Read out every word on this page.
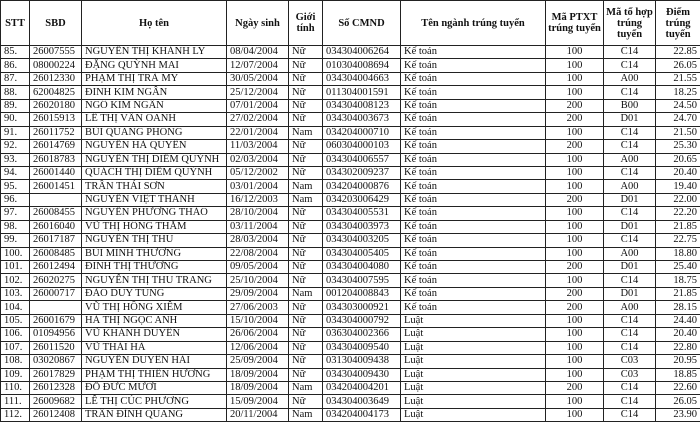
STT	SBD	Họ tên	Ngày sinh	Giới tính	Số CMND	Tên ngành trúng tuyển	Mã PTXT trúng tuyển	Mã tổ hợp trúng tuyển	Điểm trúng tuyển
85.	26007555	NGUYỄN THỊ KHÁNH LY	08/04/2004	Nữ	034304006264	Kế toán	100	C14	22.85
86.	08000224	ĐẶNG QUỲNH MAI	12/07/2004	Nữ	010304008694	Kế toán	100	C14	26.05
87.	26012330	PHẠM THỊ TRÀ MY	30/05/2004	Nữ	034304004663	Kế toán	100	A00	21.55
88.	62004825	ĐINH KIM NGÂN	25/12/2004	Nữ	011304001591	Kế toán	100	C14	18.25
89.	26020180	NGÔ KIM NGÂN	07/01/2004	Nữ	034304008123	Kế toán	200	B00	24.50
90.	26015913	LÊ THỊ VÂN OANH	27/02/2004	Nữ	034304003673	Kế toán	200	D01	24.70
91.	26011752	BÙI QUANG PHONG	22/01/2004	Nam	034204000710	Kế toán	100	C14	21.50
92.	26014769	NGUYỄN HÀ QUYÊN	11/03/2004	Nữ	060304000103	Kế toán	200	C14	25.30
93.	26018783	NGUYỄN THỊ DIỄM QUỲNH	02/03/2004	Nữ	034304006557	Kế toán	100	A00	20.65
94.	26001440	QUÁCH THỊ DIỄM QUỲNH	05/12/2002	Nữ	034302009237	Kế toán	100	C14	20.40
95.	26001451	TRẦN THÁI SƠN	03/01/2004	Nam	034204000876	Kế toán	100	A00	19.40
96.		NGUYỄN VIỆT THÀNH	16/12/2003	Nam	034203006429	Kế toán	200	D01	22.00
97.	26008455	NGUYỄN PHƯƠNG THẢO	28/10/2004	Nữ	034304005531	Kế toán	100	C14	22.20
98.	26016040	VŨ THỊ HỒNG THẮM	03/11/2004	Nữ	034304003973	Kế toán	100	D01	21.85
99.	26017187	NGUYỄN THỊ THU	28/03/2004	Nữ	034304003205	Kế toán	100	C14	22.75
100.	26008485	BÙI MINH THƯƠNG	22/08/2004	Nữ	034304005405	Kế toán	100	A00	18.80
101.	26012494	ĐINH THỊ THƯƠNG	09/05/2004	Nữ	034304004080	Kế toán	200	D01	25.40
102.	26020275	NGUYỄN THỊ THU TRANG	25/10/2004	Nữ	034304007595	Kế toán	100	C14	18.75
103.	26000717	ĐÀO DUY TÙNG	29/09/2004	Nam	001204008843	Kế toán	200	D01	21.85
104.		VŨ THỊ HỒNG XIÊM	27/06/2003	Nữ	034303000921	Kế toán	200	A00	28.15
105.	26001679	HÀ THỊ NGỌC ANH	15/10/2004	Nữ	034304000792	Luật	100	C14	24.40
106.	01094956	VŨ KHÁNH DUYÊN	26/06/2004	Nữ	036304002366	Luật	100	C14	20.40
107.	26011520	VŨ THÁI HÀ	12/06/2004	Nữ	034304009540	Luật	100	C14	22.80
108.	03020867	NGUYỄN DUYÊN HẢI	25/09/2004	Nữ	031304009438	Luật	100	C03	20.95
109.	26017829	PHẠM THỊ THIÊN HƯƠNG	18/09/2004	Nữ	034304009430	Luật	100	C03	18.85
110.	26012328	ĐỖ ĐỨC MƯỜI	18/09/2004	Nam	034204004201	Luật	200	C14	22.60
111.	26009682	LÊ THỊ CÚC PHƯƠNG	15/09/2004	Nữ	034304003649	Luật	100	C14	26.05
112.	26012408	TRẦN ĐÌNH QUANG	20/11/2004	Nam	034204004173	Luật	100	C14	23.90
